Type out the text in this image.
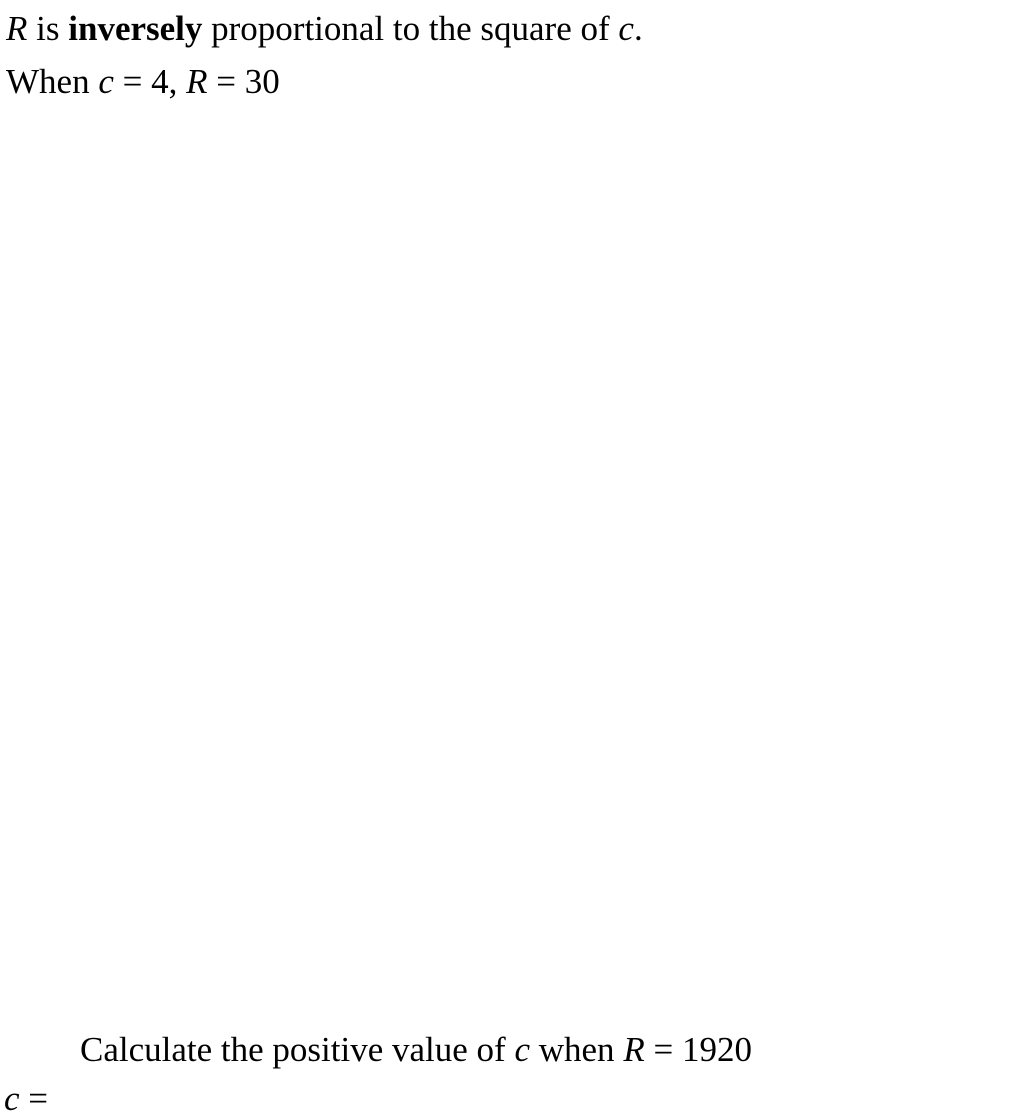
R is inversely proportional to the square of c.
When c = 4, R = 30
Calculate the positive value of c when R = 1920
c =
